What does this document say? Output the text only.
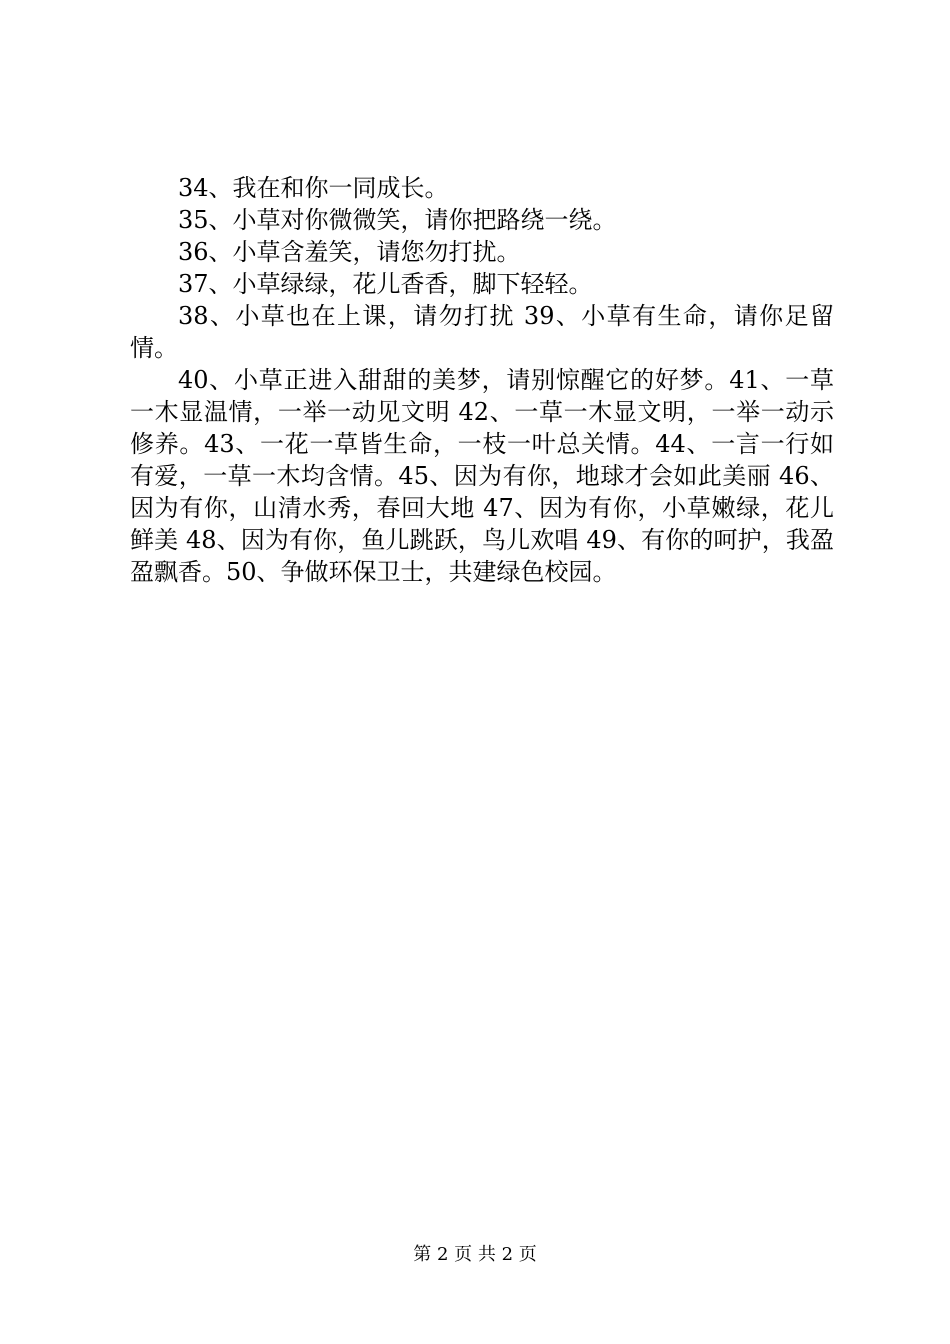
34、我在和你一同成长。

35、小草对你微微笑，请你把路绕一绕。

36、小草含羞笑，请您勿打扰。

37、小草绿绿，花儿香香，脚下轻轻。

38、小草也在上课，请勿打扰 39、小草有生命，请你足留情。

40、小草正进入甜甜的美梦，请别惊醒它的好梦。41、一草一木显温情，一举一动见文明 42、一草一木显文明，一举一动示修养。43、一花一草皆生命，一枝一叶总关情。44、一言一行如有爱，一草一木均含情。45、因为有你，地球才会如此美丽 46、因为有你，山清水秀，春回大地 47、因为有你，小草嫩绿，花儿鲜美 48、因为有你，鱼儿跳跃，鸟儿欢唱 49、有你的呵护，我盈盈飘香。50、争做环保卫士，共建绿色校园。

第 2 页 共 2 页
